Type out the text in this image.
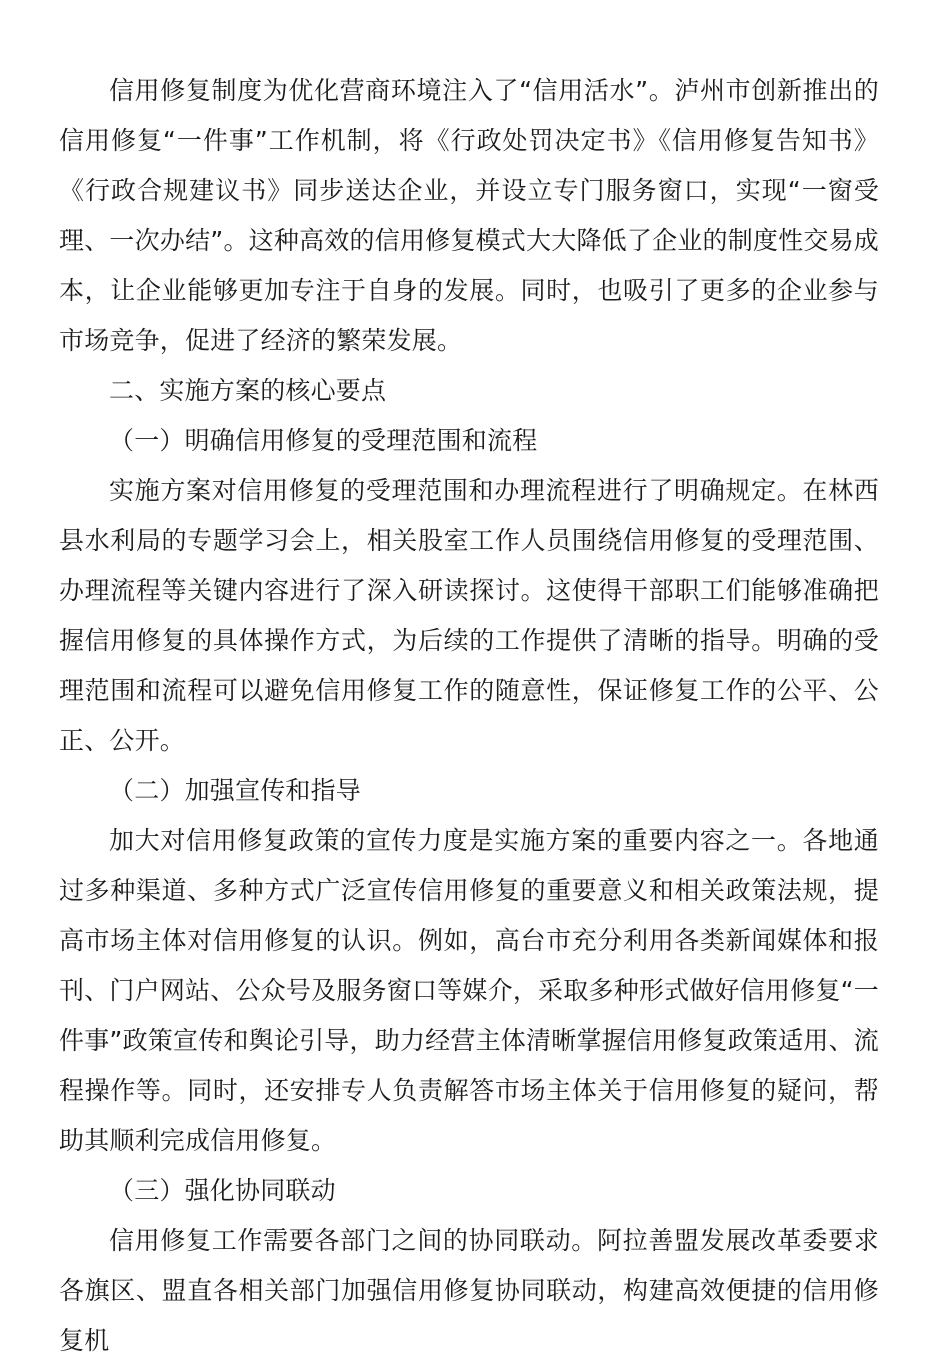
信用修复制度为优化营商环境注入了“信用活水”。泸州市创新推出的信用修复“一件事”工作机制，将《行政处罚决定书》《信用修复告知书》《行政合规建议书》同步送达企业，并设立专门服务窗口，实现“一窗受理、一次办结”。这种高效的信用修复模式大大降低了企业的制度性交易成本，让企业能够更加专注于自身的发展。同时，也吸引了更多的企业参与市场竞争，促进了经济的繁荣发展。

二、实施方案的核心要点

（一）明确信用修复的受理范围和流程

实施方案对信用修复的受理范围和办理流程进行了明确规定。在林西县水利局的专题学习会上，相关股室工作人员围绕信用修复的受理范围、办理流程等关键内容进行了深入研读探讨。这使得干部职工们能够准确把握信用修复的具体操作方式，为后续的工作提供了清晰的指导。明确的受理范围和流程可以避免信用修复工作的随意性，保证修复工作的公平、公正、公开。

（二）加强宣传和指导

加大对信用修复政策的宣传力度是实施方案的重要内容之一。各地通过多种渠道、多种方式广泛宣传信用修复的重要意义和相关政策法规，提高市场主体对信用修复的认识。例如，高台市充分利用各类新闻媒体和报刊、门户网站、公众号及服务窗口等媒介，采取多种形式做好信用修复“一件事”政策宣传和舆论引导，助力经营主体清晰掌握信用修复政策适用、流程操作等。同时，还安排专人负责解答市场主体关于信用修复的疑问，帮助其顺利完成信用修复。

（三）强化协同联动

信用修复工作需要各部门之间的协同联动。阿拉善盟发展改革委要求各旗区、盟直各相关部门加强信用修复协同联动，构建高效便捷的信用修复机
